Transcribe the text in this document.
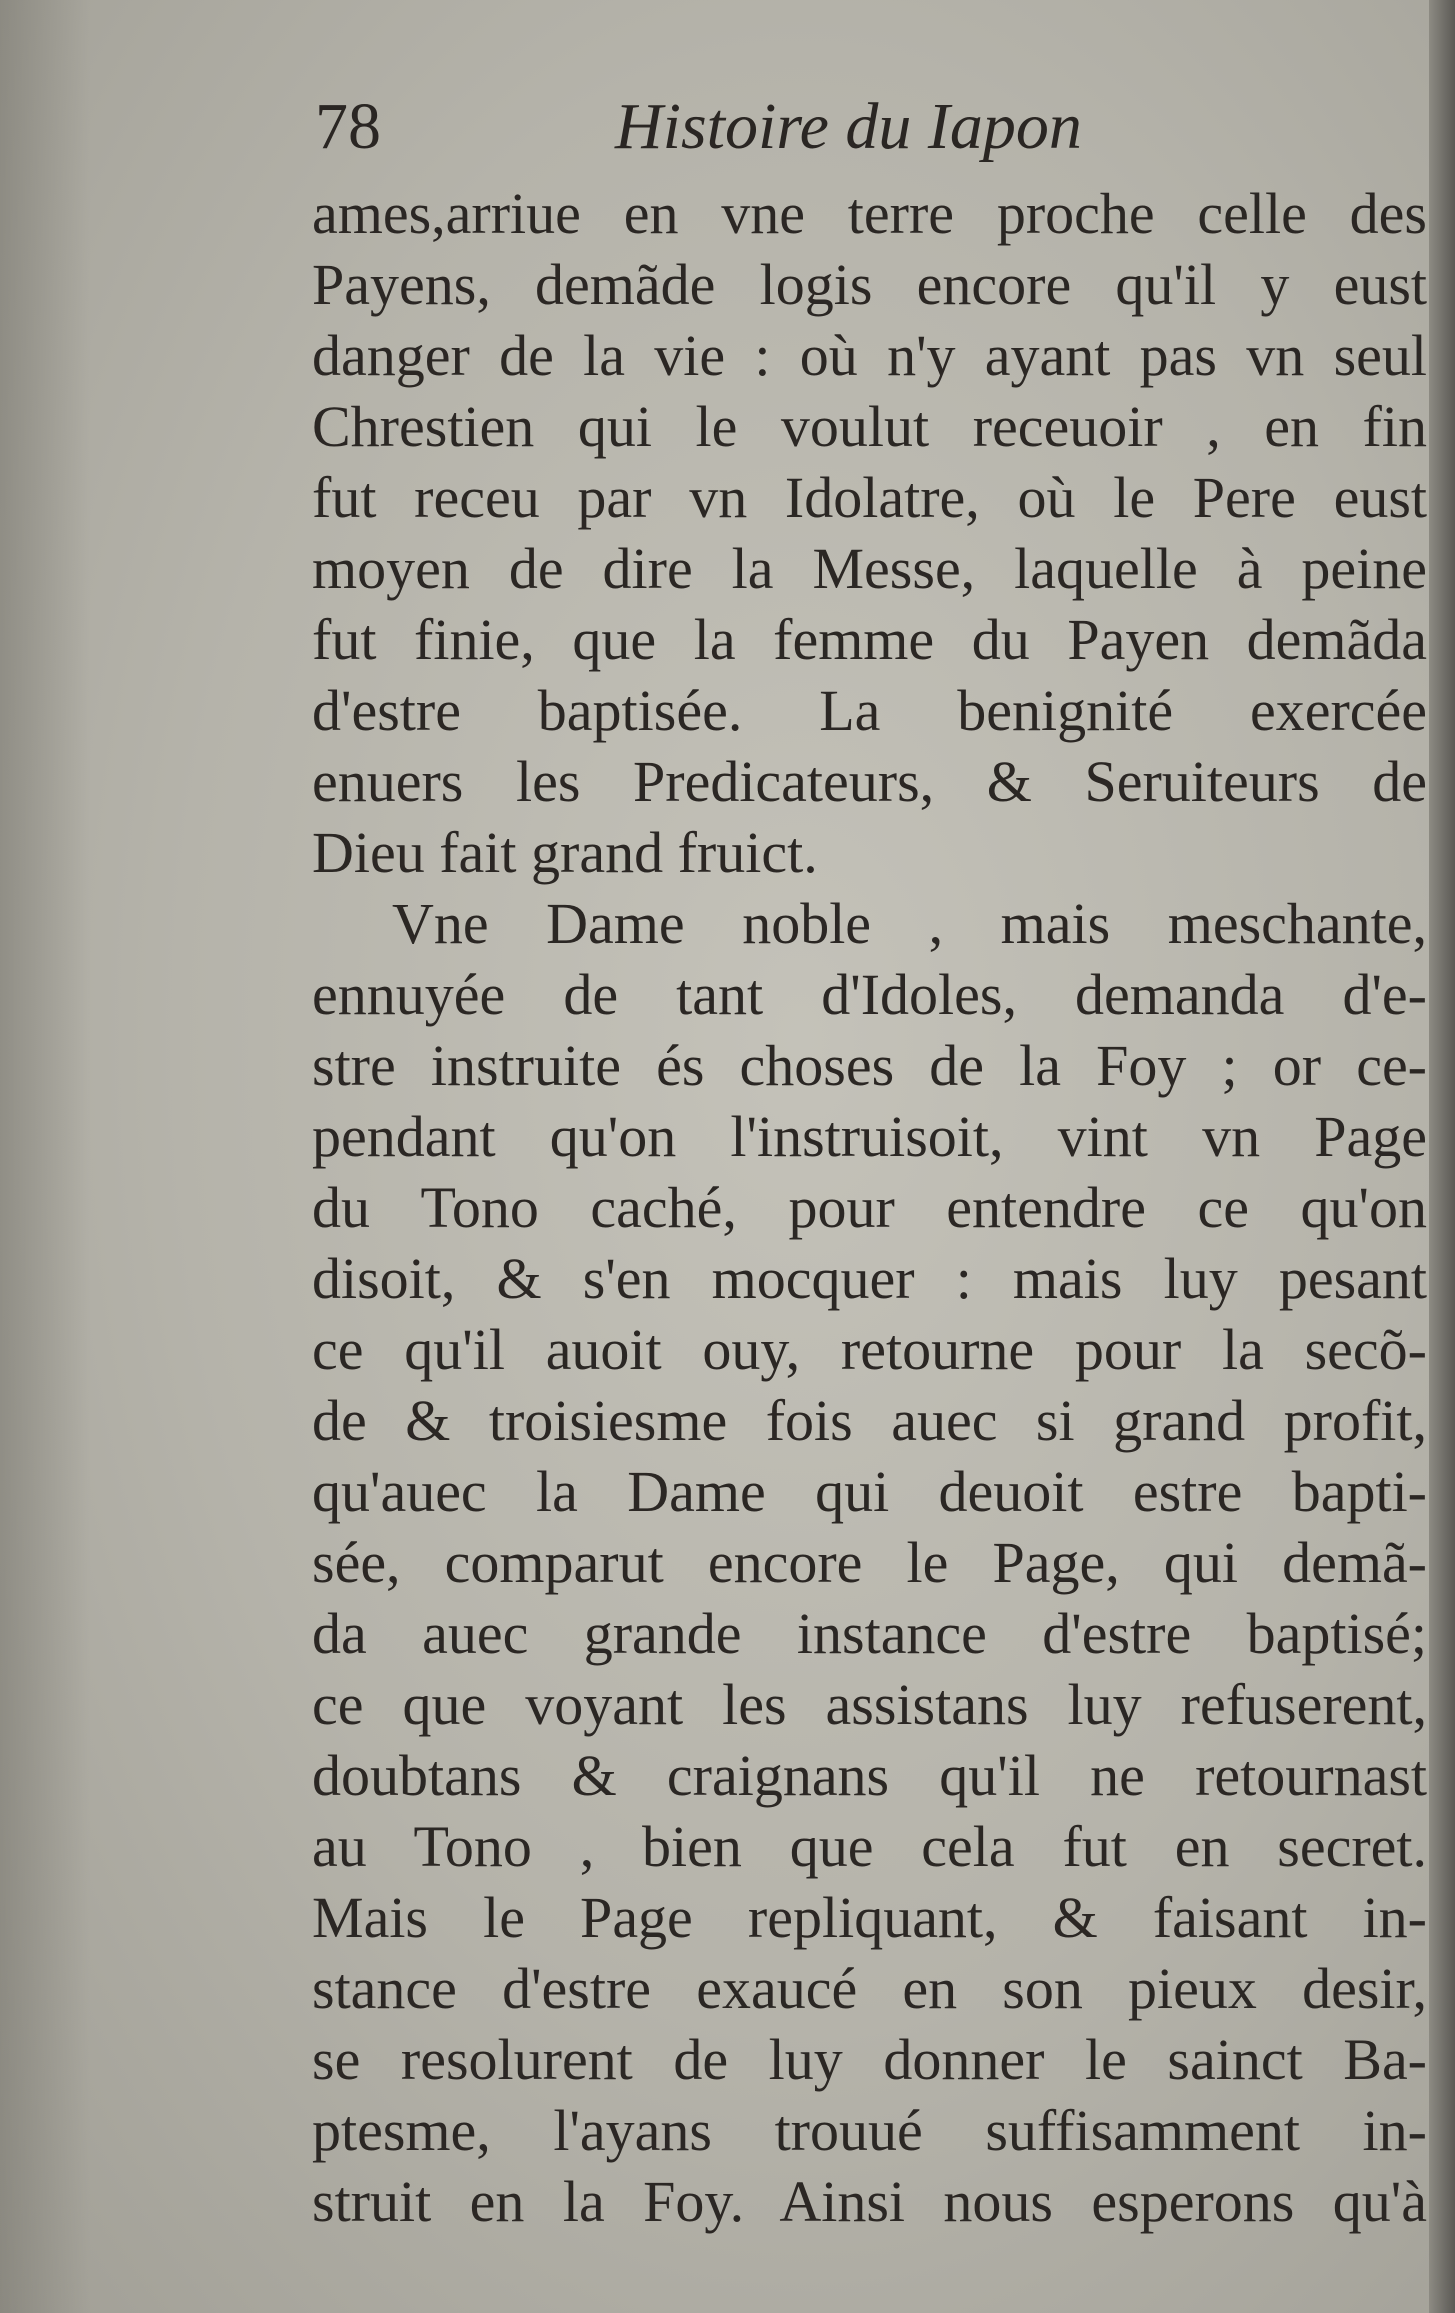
78	Histoire du Iapon
ames,arriue en vne terre proche celle des
Payens, demãde logis encore qu'il y eust
danger de la vie : où n'y ayant pas vn seul
Chrestien qui le voulut receuoir , en fin
fut receu par vn Idolatre, où le Pere eust
moyen de dire la Messe, laquelle à peine
fut finie, que la femme du Payen demãda
d'estre baptisée. La benignité exercée
enuers les Predicateurs, & Seruiteurs de
Dieu fait grand fruict.
Vne Dame noble , mais meschante,
ennuyée de tant d'Idoles, demanda d'e-
stre instruite és choses de la Foy ; or ce-
pendant qu'on l'instruisoit, vint vn Page
du Tono caché, pour entendre ce qu'on
disoit, & s'en mocquer : mais luy pesant
ce qu'il auoit ouy, retourne pour la secõ-
de & troisiesme fois auec si grand profit,
qu'auec la Dame qui deuoit estre bapti-
sée, comparut encore le Page, qui demã-
da auec grande instance d'estre baptisé;
ce que voyant les assistans luy refuserent,
doubtans & craignans qu'il ne retournast
au Tono , bien que cela fut en secret.
Mais le Page repliquant, & faisant in-
stance d'estre exaucé en son pieux desir,
se resolurent de luy donner le sainct Ba-
ptesme, l'ayans trouué suffisamment in-
struit en la Foy. Ainsi nous esperons qu'à
